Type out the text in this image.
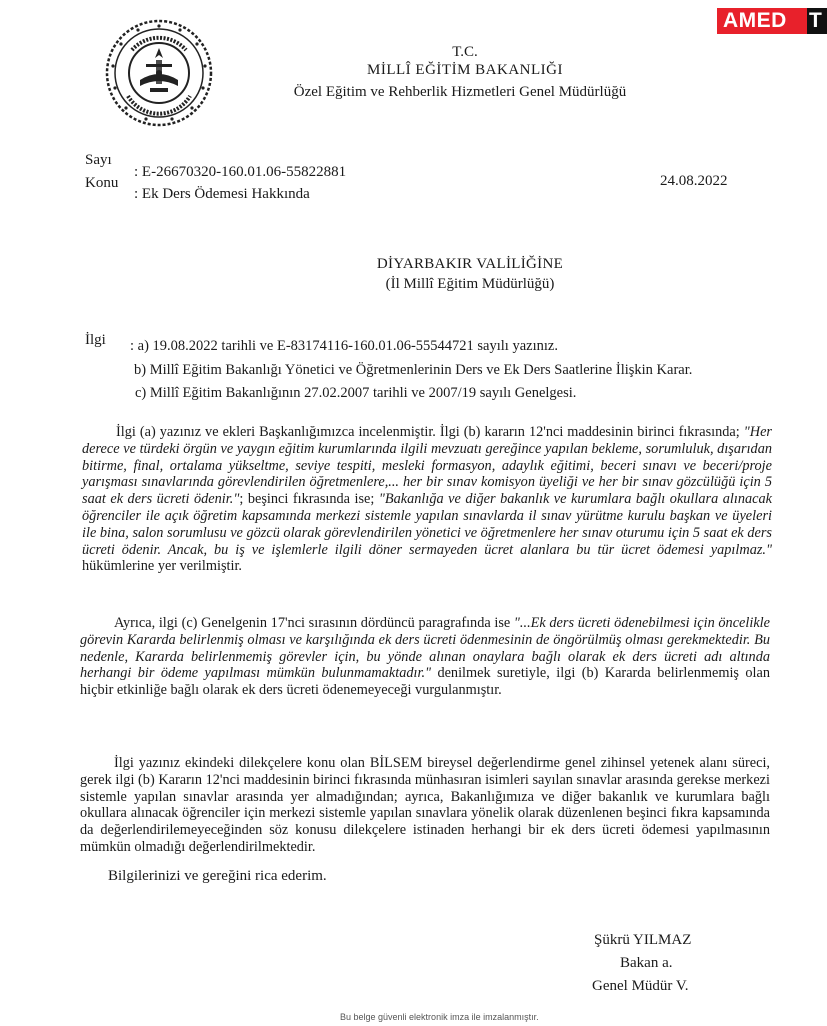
AMED	T
T.C.
MİLLÎ EĞİTİM BAKANLIĞI
Özel Eğitim ve Rehberlik Hizmetleri Genel Müdürlüğü
Sayı
: E-26670320-160.01.06-55822881
Konu
: Ek Ders Ödemesi Hakkında
24.08.2022
DİYARBAKIR VALİLİĞİNE
(İl Millî Eğitim Müdürlüğü)
İlgi : a) 19.08.2022 tarihli ve E-83174116-160.01.06-55544721 sayılı yazınız.
b) Millî Eğitim Bakanlığı Yönetici ve Öğretmenlerinin Ders ve Ek Ders Saatlerine İlişkin Karar.
c) Millî Eğitim Bakanlığının 27.02.2007 tarihli ve 2007/19 sayılı Genelgesi.
İlgi (a) yazınız ve ekleri Başkanlığımızca incelenmiştir. İlgi (b) kararın 12'nci maddesinin birinci fıkrasında; "Her derece ve türdeki örgün ve yaygın eğitim kurumlarında ilgili mevzuatı gereğince yapılan bekleme, sorumluluk, dışarıdan bitirme, final, ortalama yükseltme, seviye tespiti, mesleki formasyon, adaylık eğitimi, beceri sınavı ve beceri/proje yarışması sınavlarında görevlendirilen öğretmenlere,... her bir sınav komisyon üyeliği ve her bir sınav gözcülüğü için 5 saat ek ders ücreti ödenir."; beşinci fıkrasında ise; "Bakanlığa ve diğer bakanlık ve kurumlara bağlı okullara alınacak öğrenciler ile açık öğretim kapsamında merkezi sistemle yapılan sınavlarda il sınav yürütme kurulu başkan ve üyeleri ile bina, salon sorumlusu ve gözcü olarak görevlendirilen yönetici ve öğretmenlere her sınav oturumu için 5 saat ek ders ücreti ödenir. Ancak, bu iş ve işlemlerle ilgili döner sermayeden ücret alanlara bu tür ücret ödemesi yapılmaz." hükümlerine yer verilmiştir.
Ayrıca, ilgi (c) Genelgenin 17'nci sırasının dördüncü paragrafında ise "...Ek ders ücreti ödenebilmesi için öncelikle görevin Kararda belirlenmiş olması ve karşılığında ek ders ücreti ödenmesinin de öngörülmüş olması gerekmektedir. Bu nedenle, Kararda belirlenmemiş görevler için, bu yönde alınan onaylara bağlı olarak ek ders ücreti adı altında herhangi bir ödeme yapılması mümkün bulunmamaktadır." denilmek suretiyle, ilgi (b) Kararda belirlenmemiş olan hiçbir etkinliğe bağlı olarak ek ders ücreti ödenemeyeceği vurgulanmıştır.
İlgi yazınız ekindeki dilekçelere konu olan BİLSEM bireysel değerlendirme genel zihinsel yetenek alanı süreci, gerek ilgi (b) Kararın 12'nci maddesinin birinci fıkrasında münhasıran isimleri sayılan sınavlar arasında gerekse merkezi sistemle yapılan sınavlar arasında yer almadığından; ayrıca, Bakanlığımıza ve diğer bakanlık ve kurumlara bağlı okullara alınacak öğrenciler için merkezi sistemle yapılan sınavlara yönelik olarak düzenlenen beşinci fıkra kapsamında da değerlendirilemeyeceğinden söz konusu dilekçelere istinaden herhangi bir ek ders ücreti ödemesi yapılmasının mümkün olmadığı değerlendirilmektedir.
Bilgilerinizi ve gereğini rica ederim.
Şükrü YILMAZ
Bakan a.
Genel Müdür V.
Bu belge güvenli elektronik imza ile imzalanmıştır.
